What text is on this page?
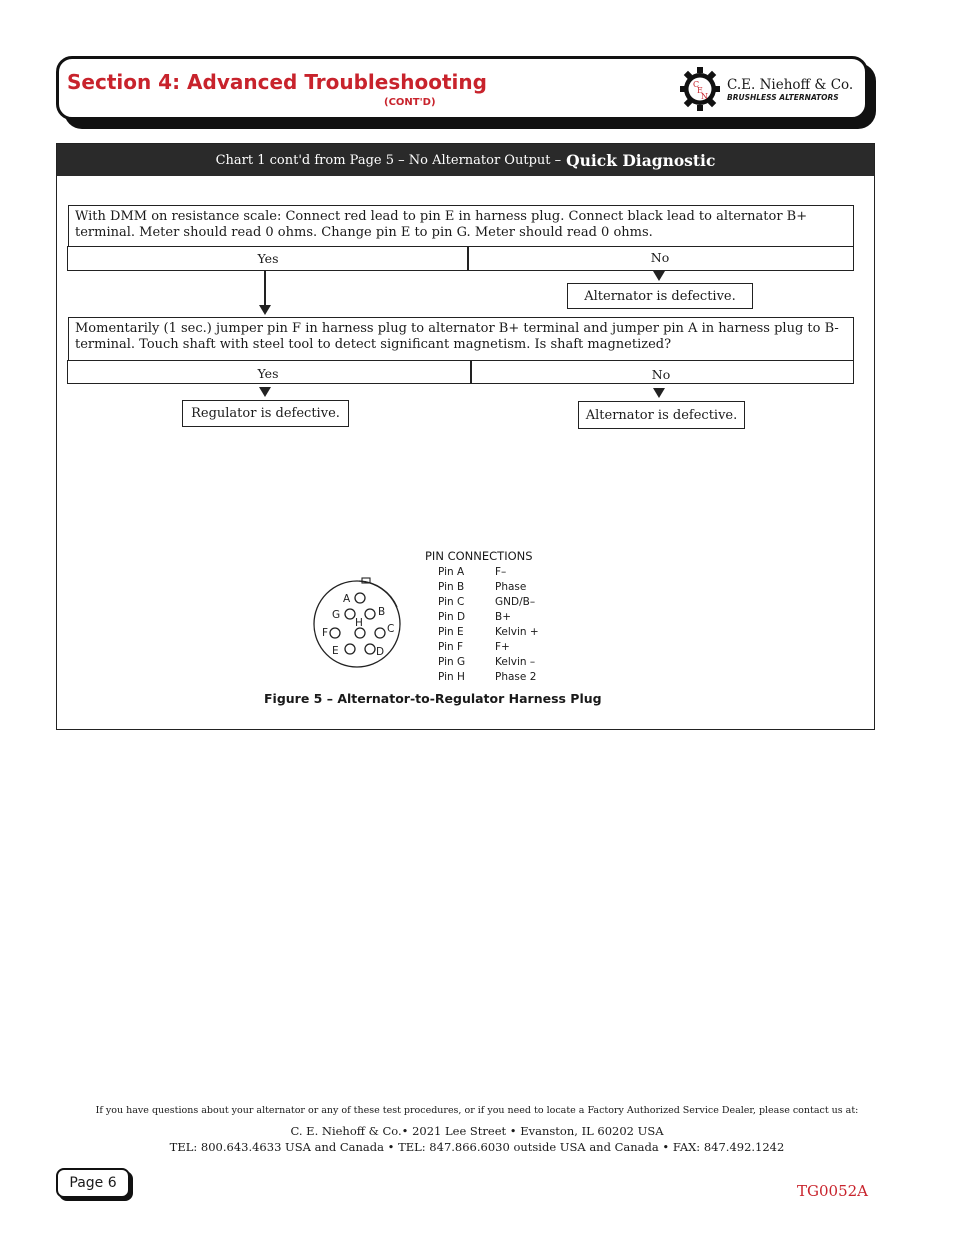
Section 4: Advanced Troubleshooting
(CONT'D)
C
E
N
C.E. Niehoff & Co.
BRUSHLESS ALTERNATORS
Chart 1 cont'd from Page 5 – No Alternator Output – Quick Diagnostic
With DMM on resistance scale: Connect red lead to pin E in harness plug. Connect black lead to alternator B+ terminal. Meter should read 0 ohms. Change pin E to pin G. Meter should read 0 ohms.
Yes	No
Alternator is defective.
Momentarily (1 sec.) jumper pin F in harness plug to alternator B+ terminal and jumper pin A in harness plug to B- terminal. Touch shaft with steel tool to detect significant magnetism. Is shaft magnetized?
Yes	No
Regulator is defective.	Alternator is defective.
A
B
C
D
E
F
G
H
PIN CONNECTIONS
Pin A	F–
Pin B	Phase
Pin C	GND/B–
Pin D	B+
Pin E	Kelvin +
Pin F	F+
Pin G	Kelvin –
Pin H	Phase 2
Figure 5 – Alternator-to-Regulator Harness Plug
If you have questions about your alternator or any of these test procedures, or if you need to locate a Factory Authorized Service Dealer, please contact us at:
C. E. Niehoff & Co.• 2021 Lee Street • Evanston, IL 60202 USA
TEL: 800.643.4633 USA and Canada • TEL: 847.866.6030 outside USA and Canada • FAX: 847.492.1242
Page 6	TG0052A
